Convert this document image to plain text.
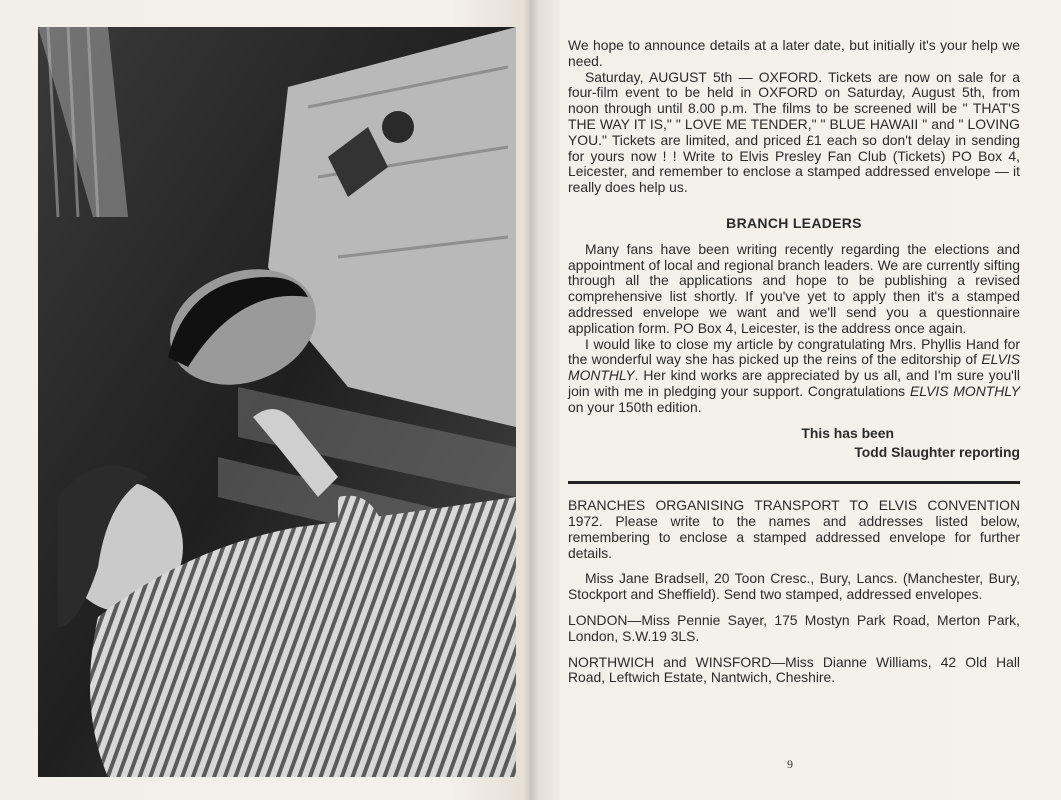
We hope to announce details at a later date, but initially it's your help we need.

Saturday, AUGUST 5th — OXFORD. Tickets are now on sale for a four-film event to be held in OXFORD on Saturday, August 5th, from noon through until 8.00 p.m. The films to be screened will be " THAT'S THE WAY IT IS," " LOVE ME TENDER," " BLUE HAWAII " and " LOVING YOU." Tickets are limited, and priced £1 each so don't delay in sending for yours now ! ! Write to Elvis Presley Fan Club (Tickets) PO Box 4, Leicester, and remember to enclose a stamped addressed envelope — it really does help us.

BRANCH LEADERS

Many fans have been writing recently regarding the elections and appointment of local and regional branch leaders. We are currently sifting through all the applications and hope to be publishing a revised comprehensive list shortly. If you've yet to apply then it's a stamped addressed envelope we want and we'll send you a questionnaire application form. PO Box 4, Leicester, is the address once again.

I would like to close my article by congratulating Mrs. Phyllis Hand for the wonderful way she has picked up the reins of the editorship of ELVIS MONTHLY. Her kind works are appreciated by us all, and I'm sure you'll join with me in pledging your support. Congratulations ELVIS MONTHLY on your 150th edition.

This has been
Todd Slaughter reporting

BRANCHES ORGANISING TRANSPORT TO ELVIS CONVENTION 1972. Please write to the names and addresses listed below, remembering to enclose a stamped addressed envelope for further details.

Miss Jane Bradsell, 20 Toon Cresc., Bury, Lancs. (Manchester, Bury, Stockport and Sheffield). Send two stamped, addressed envelopes.

LONDON—Miss Pennie Sayer, 175 Mostyn Park Road, Merton Park, London, S.W.19 3LS.

NORTHWICH and WINSFORD—Miss Dianne Williams, 42 Old Hall Road, Leftwich Estate, Nantwich, Cheshire.

9
